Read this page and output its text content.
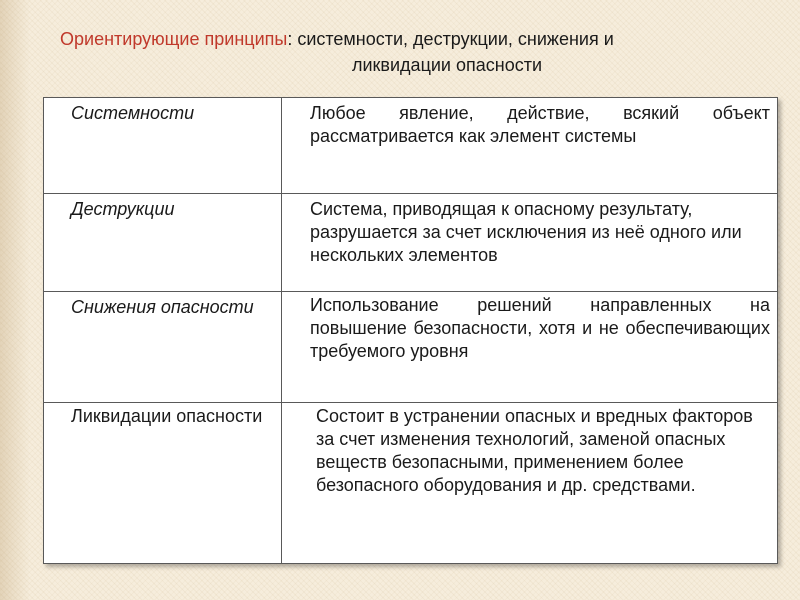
Ориентирующие принципы: системности, деструкции, снижения и
ликвидации опасности
Системности	Любое явление, действие, всякий объект рассматривается как элемент системы
Деструкции	Система, приводящая к опасному результату, разрушается за счет исключения из неё одного или нескольких элементов
Снижения опасности	Использование решений направленных на повышение безопасности, хотя и не обеспечивающих требуемого уровня
Ликвидации опасности	Состоит в устранении опасных и вредных факторов за счет изменения технологий, заменой опасных веществ безопасными, применением более безопасного оборудования и др. средствами.
